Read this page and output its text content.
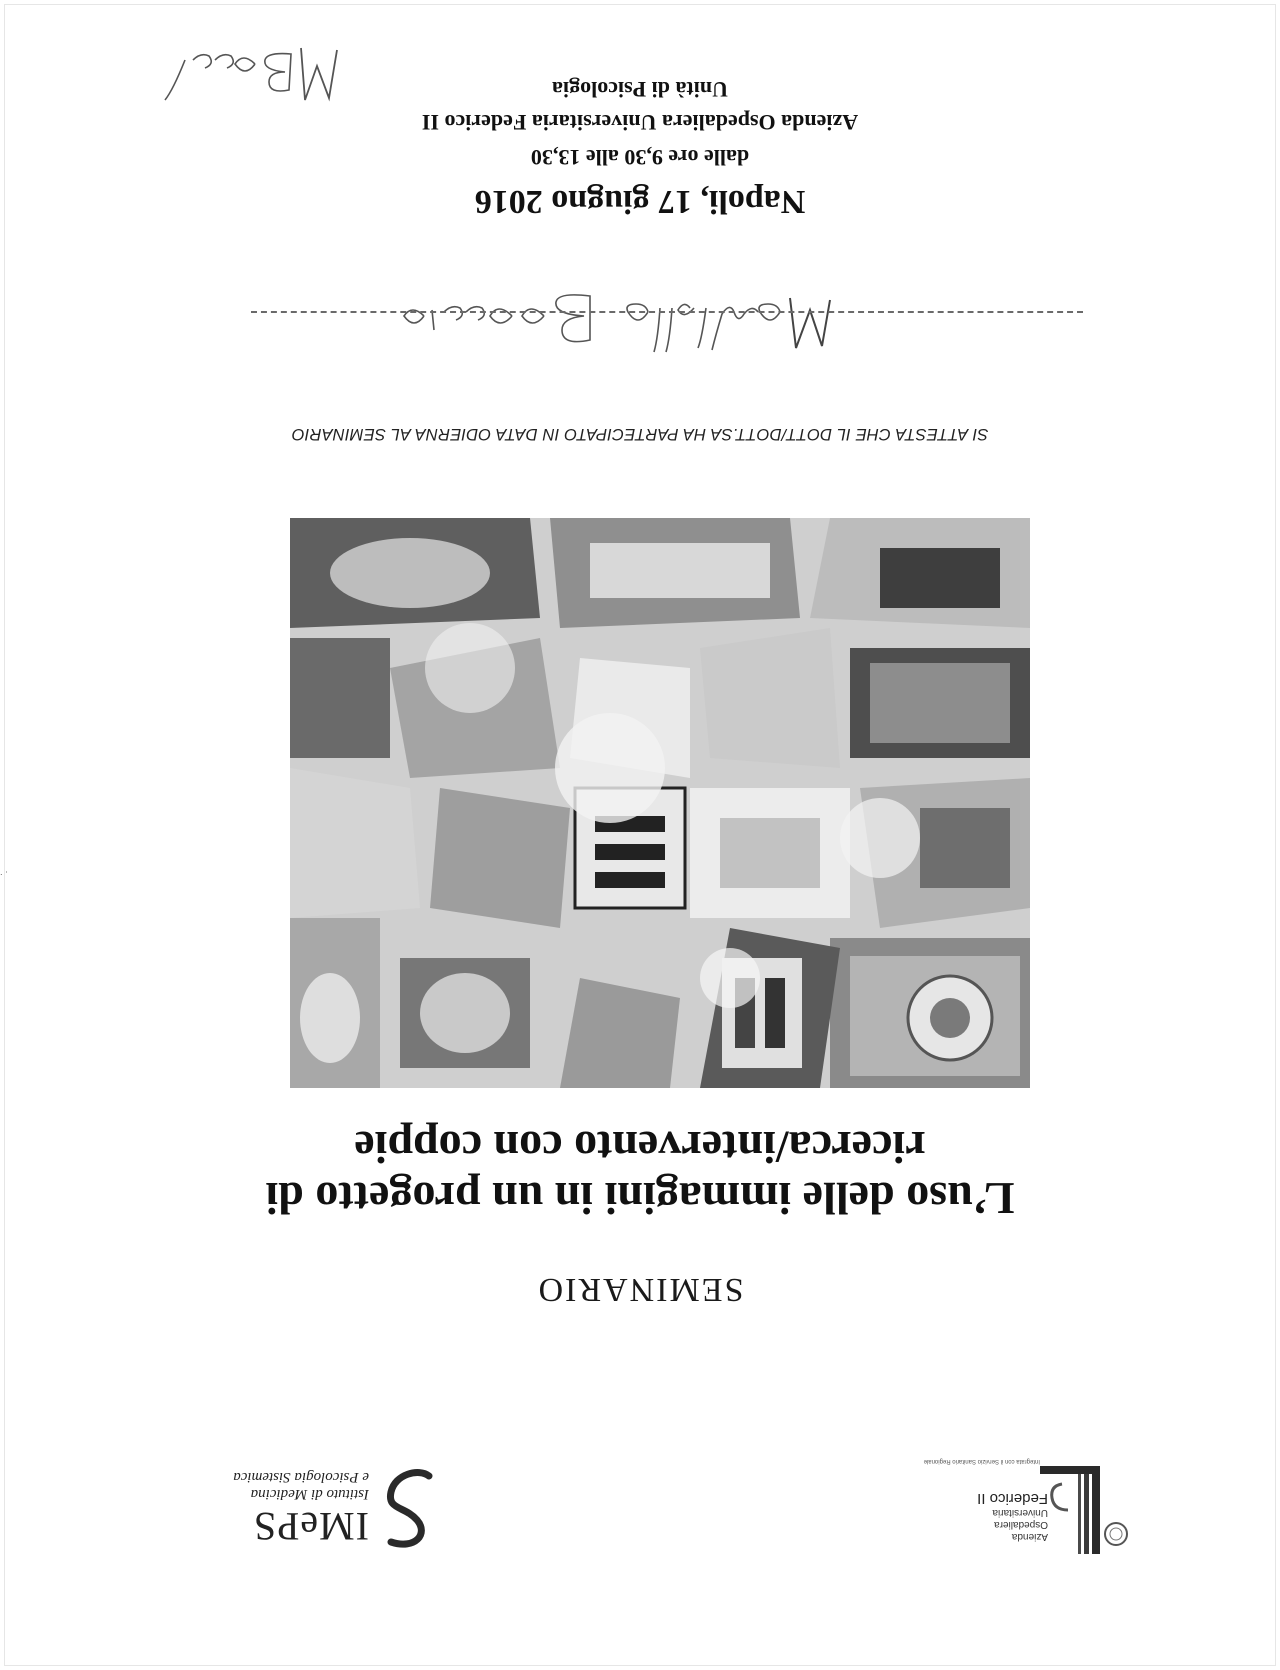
. ·
Azienda
Ospedaliera
Universitaria
Federico II
Integrata con il Servizio Sanitario Regionale
IMePS
Istituto di Medicina
e Psicologia Sistemica
SEMINARIO
L’uso delle immagini in un progetto di
ricerca/intervento con coppie
SI ATTESTA CHE IL DOTT/DOTT.SA HA PARTECIPATO IN DATA ODIERNA AL SEMINARIO
Napoli, 17 giugno 2016
dalle ore 9,30 alle 13,30
Azienda Ospedaliera Universitaria Federico II
Unità di Psicologia
